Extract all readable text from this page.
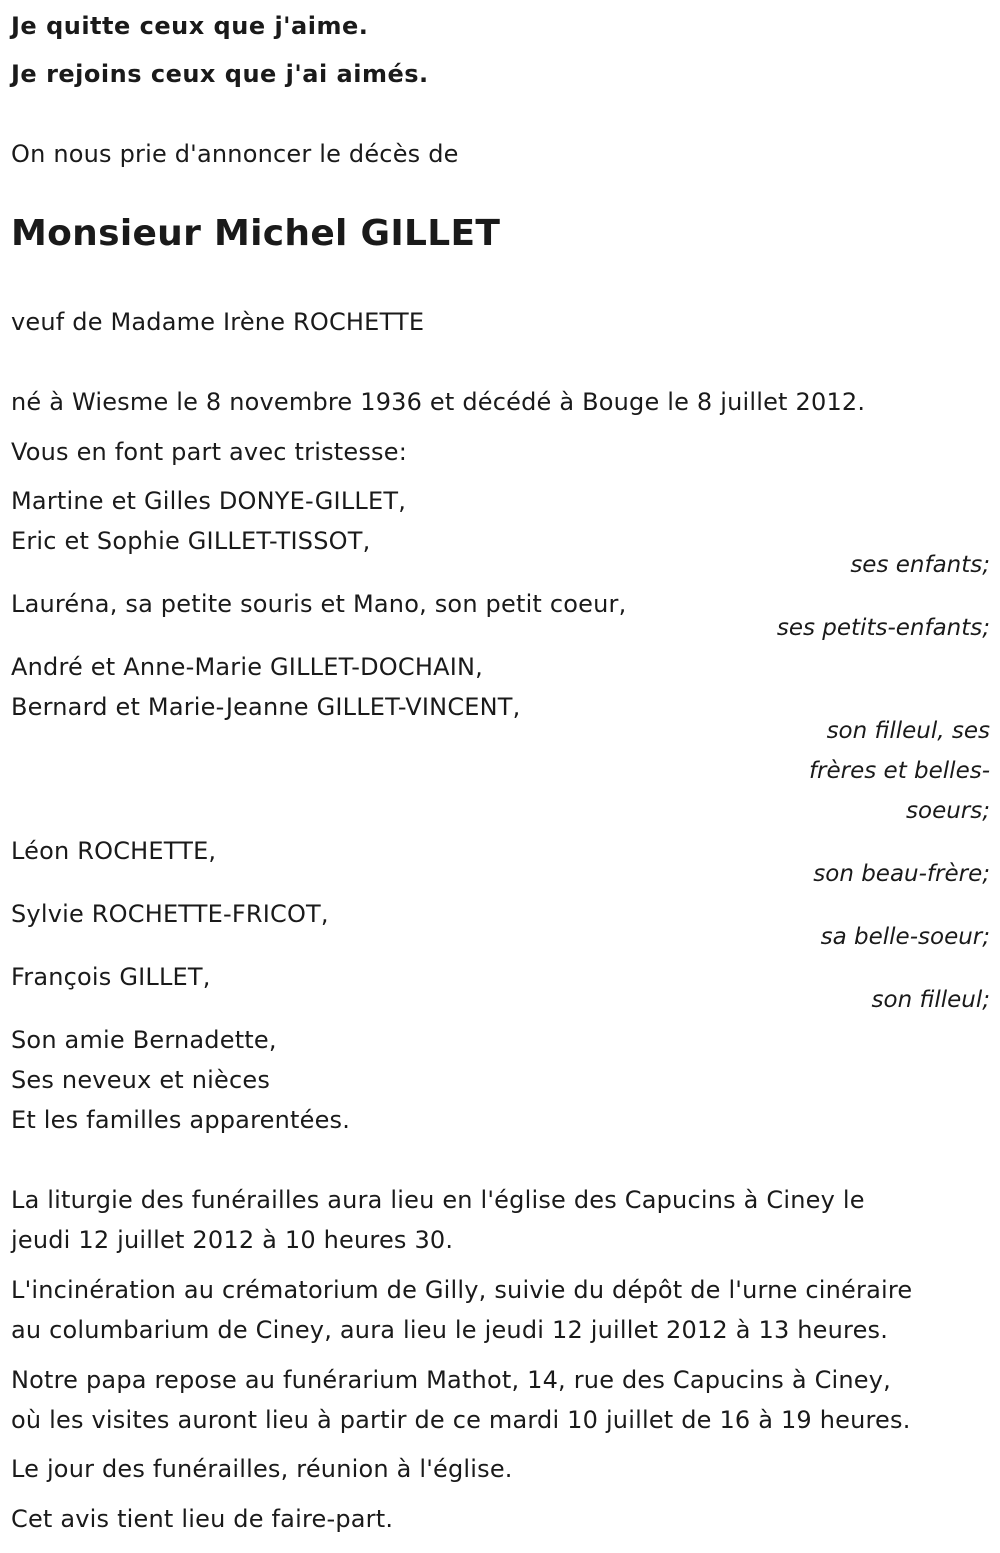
Je quitte ceux que j'aime.
Je rejoins ceux que j'ai aimés.
On nous prie d'annoncer le décès de
Monsieur Michel GILLET
veuf de Madame Irène ROCHETTE
né à Wiesme le 8 novembre 1936 et décédé à Bouge le 8 juillet 2012.
Vous en font part avec tristesse:
Martine et Gilles DONYE-GILLET,
Eric et Sophie GILLET-TISSOT,
ses enfants;
Lauréna, sa petite souris et Mano, son petit coeur,
ses petits-enfants;
André et Anne-Marie GILLET-DOCHAIN,
Bernard et Marie-Jeanne GILLET-VINCENT,
son filleul, ses
frères et belles-
soeurs;
Léon ROCHETTE,
son beau-frère;
Sylvie ROCHETTE-FRICOT,
sa belle-soeur;
François GILLET,
son filleul;
Son amie Bernadette,
Ses neveux et nièces
Et les familles apparentées.
La liturgie des funérailles aura lieu en l'église des Capucins à Ciney le
jeudi 12 juillet 2012 à 10 heures 30.
L'incinération au crématorium de Gilly, suivie du dépôt de l'urne cinéraire
au columbarium de Ciney, aura lieu le jeudi 12 juillet 2012 à 13 heures.
Notre papa repose au funérarium Mathot, 14, rue des Capucins à Ciney,
où les visites auront lieu à partir de ce mardi 10 juillet de 16 à 19 heures.
Le jour des funérailles, réunion à l'église.
Cet avis tient lieu de faire-part.
